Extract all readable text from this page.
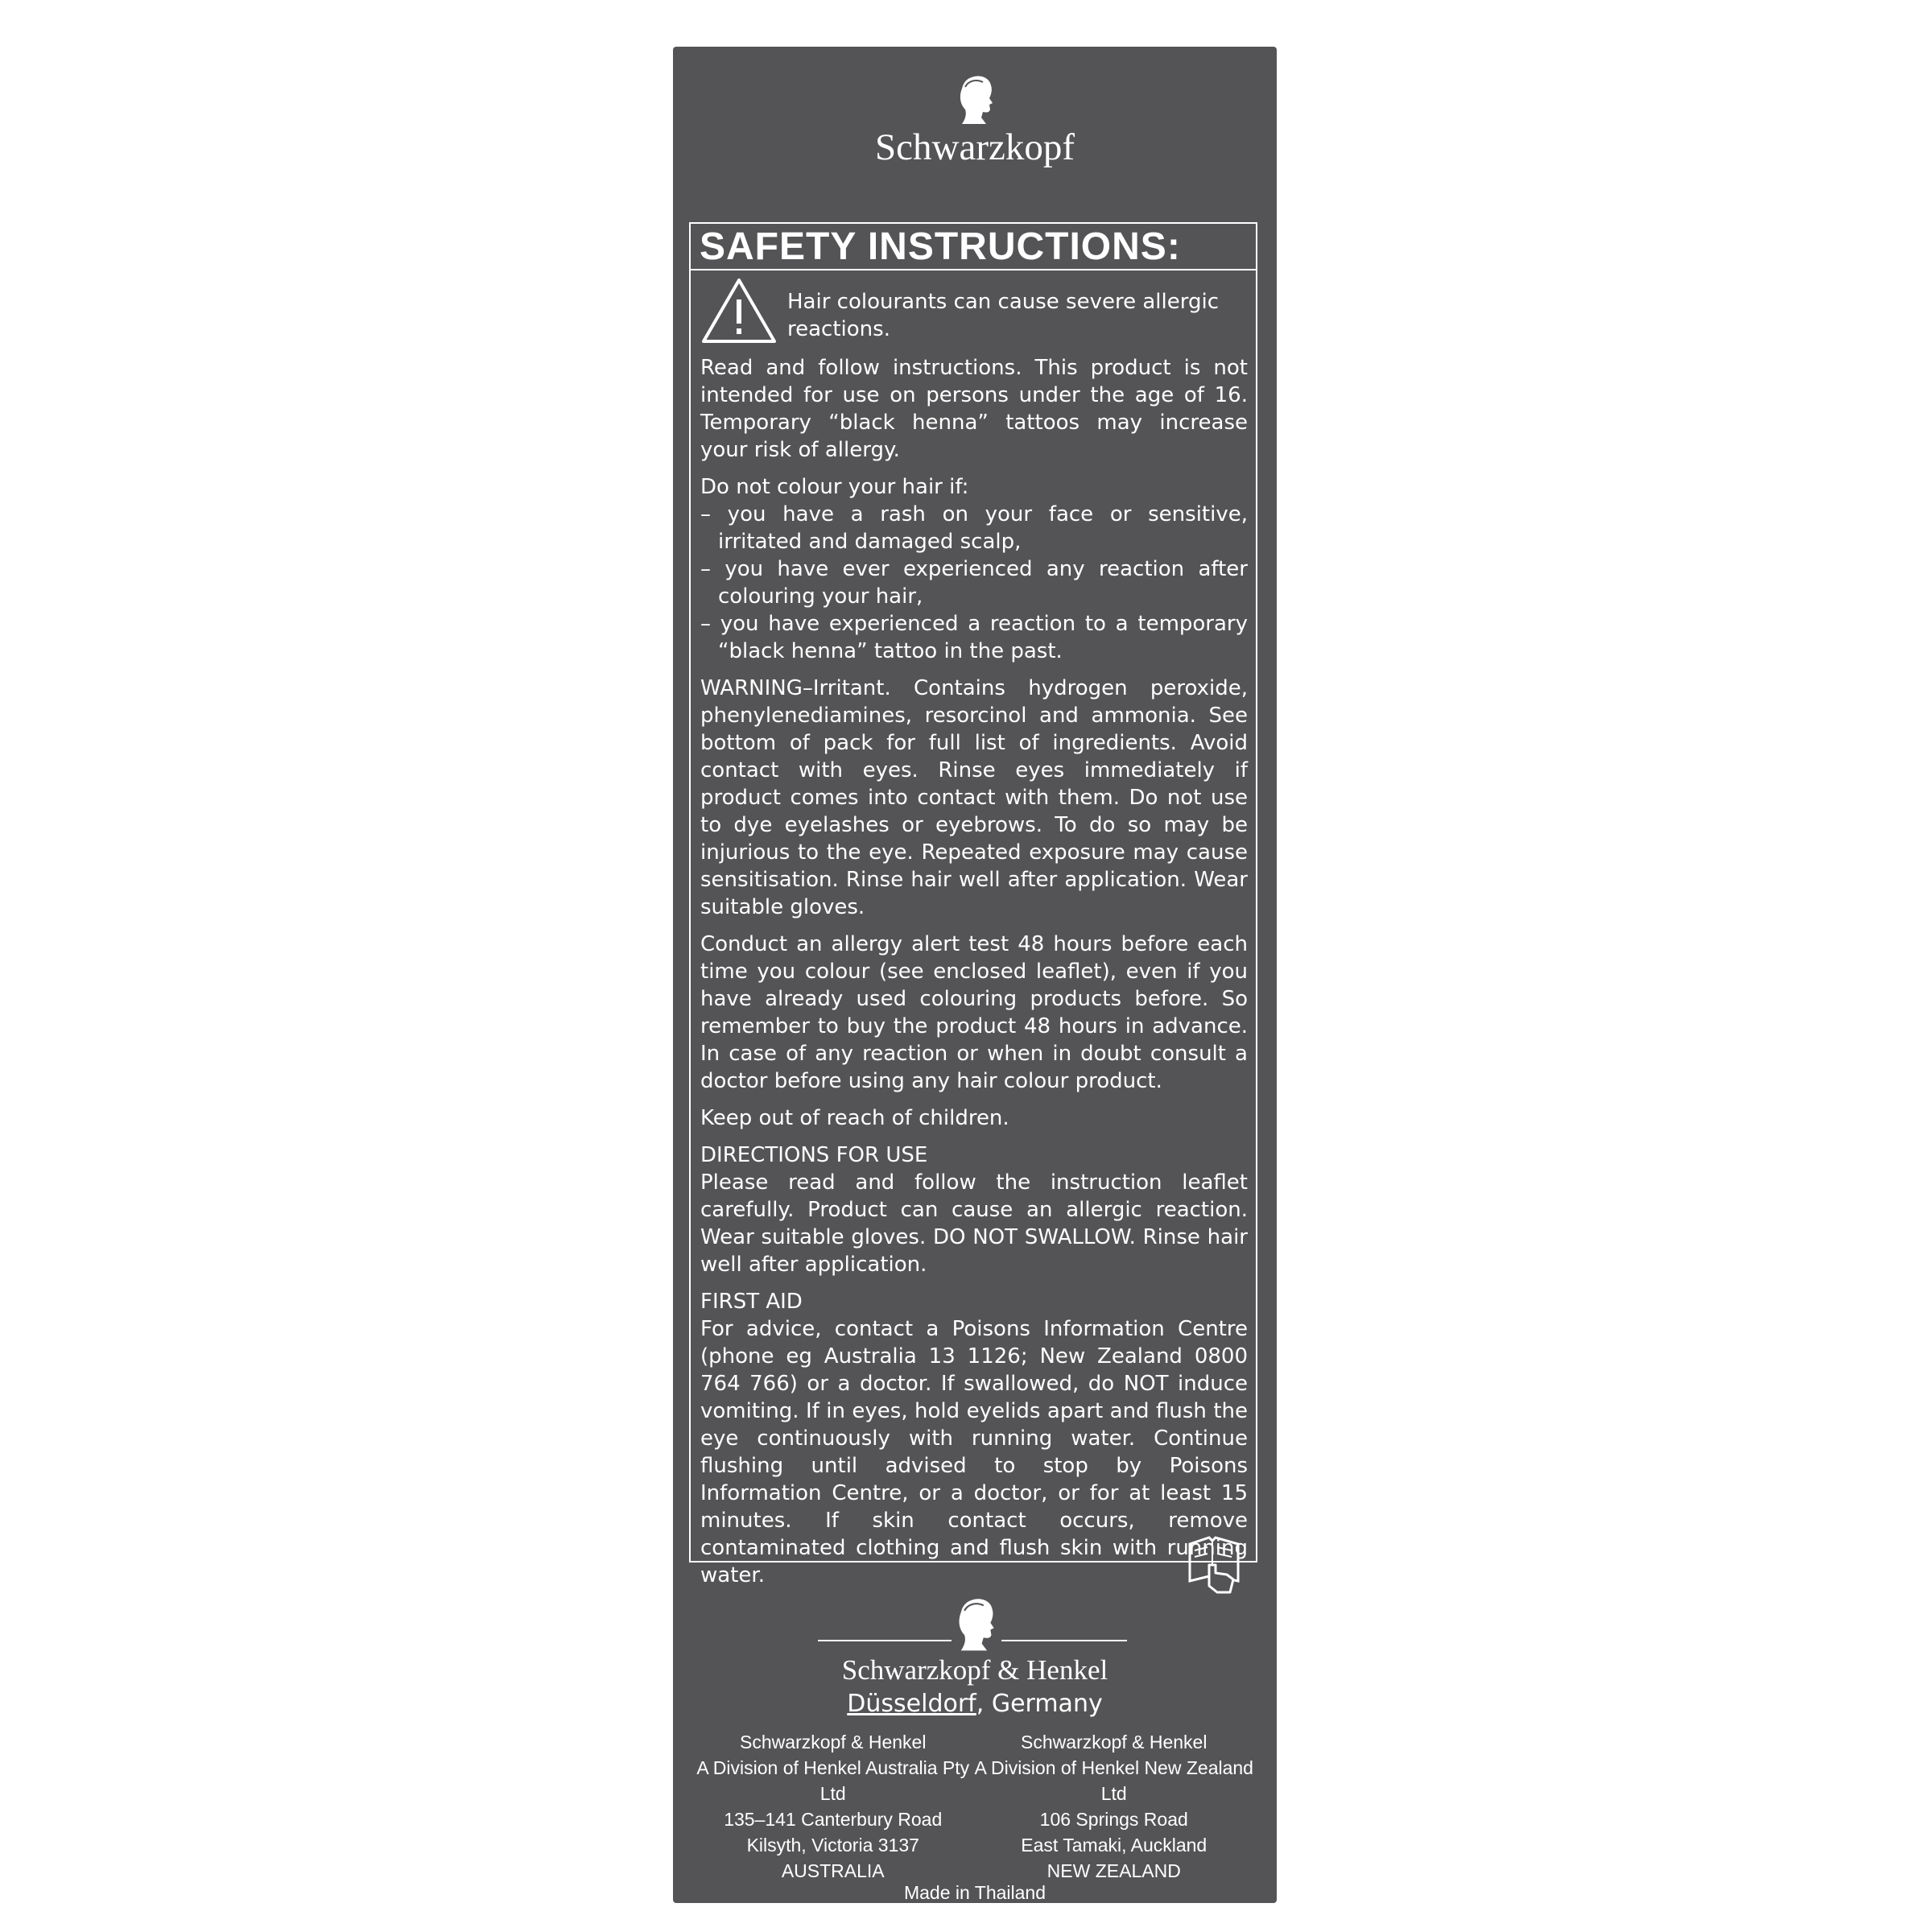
Schwarzkopf
SAFETY INSTRUCTIONS:
Hair colourants can cause severe allergic reactions.
Read and follow instructions. This product is not intended for use on persons under the age of 16. Temporary “black henna” tattoos may increase your risk of allergy.
Do not colour your hair if:
– you have a rash on your face or sensitive, irritated and damaged scalp,
– you have ever experienced any reaction after colouring your hair,
– you have experienced a reaction to a temporary “black henna” tattoo in the past.
WARNING–Irritant. Contains hydrogen peroxide, phenylenediamines, resorcinol and ammonia. See bottom of pack for full list of ingredients. Avoid contact with eyes. Rinse eyes immediately if product comes into contact with them. Do not use to dye eyelashes or eyebrows. To do so may be injurious to the eye. Repeated exposure may cause sensitisation. Rinse hair well after application. Wear suitable gloves.
Conduct an allergy alert test 48 hours before each time you colour (see enclosed leaflet), even if you have already used colouring products before. So remember to buy the product 48 hours in advance. In case of any reaction or when in doubt consult a doctor before using any hair colour product.
Keep out of reach of children.
DIRECTIONS FOR USE
Please read and follow the instruction leaflet carefully. Product can cause an allergic reaction. Wear suitable gloves. DO NOT SWALLOW. Rinse hair well after application.
FIRST AID
For advice, contact a Poisons Information Centre (phone eg Australia 13 1126; New Zealand 0800 764 766) or a doctor. If swallowed, do NOT induce vomiting. If in eyes, hold eyelids apart and flush the eye continuously with running water. Continue flushing until advised to stop by Poisons Information Centre, or a doctor, or for at least 15 minutes. If skin contact occurs, remove contaminated clothing and flush skin with running water.
Schwarzkopf & Henkel
Düsseldorf, Germany
Schwarzkopf & Henkel
A Division of Henkel Australia Pty Ltd
135–141 Canterbury Road
Kilsyth, Victoria 3137
AUSTRALIA
Schwarzkopf & Henkel
A Division of Henkel New Zealand Ltd
106 Springs Road
East Tamaki, Auckland
NEW ZEALAND
Made in Thailand
